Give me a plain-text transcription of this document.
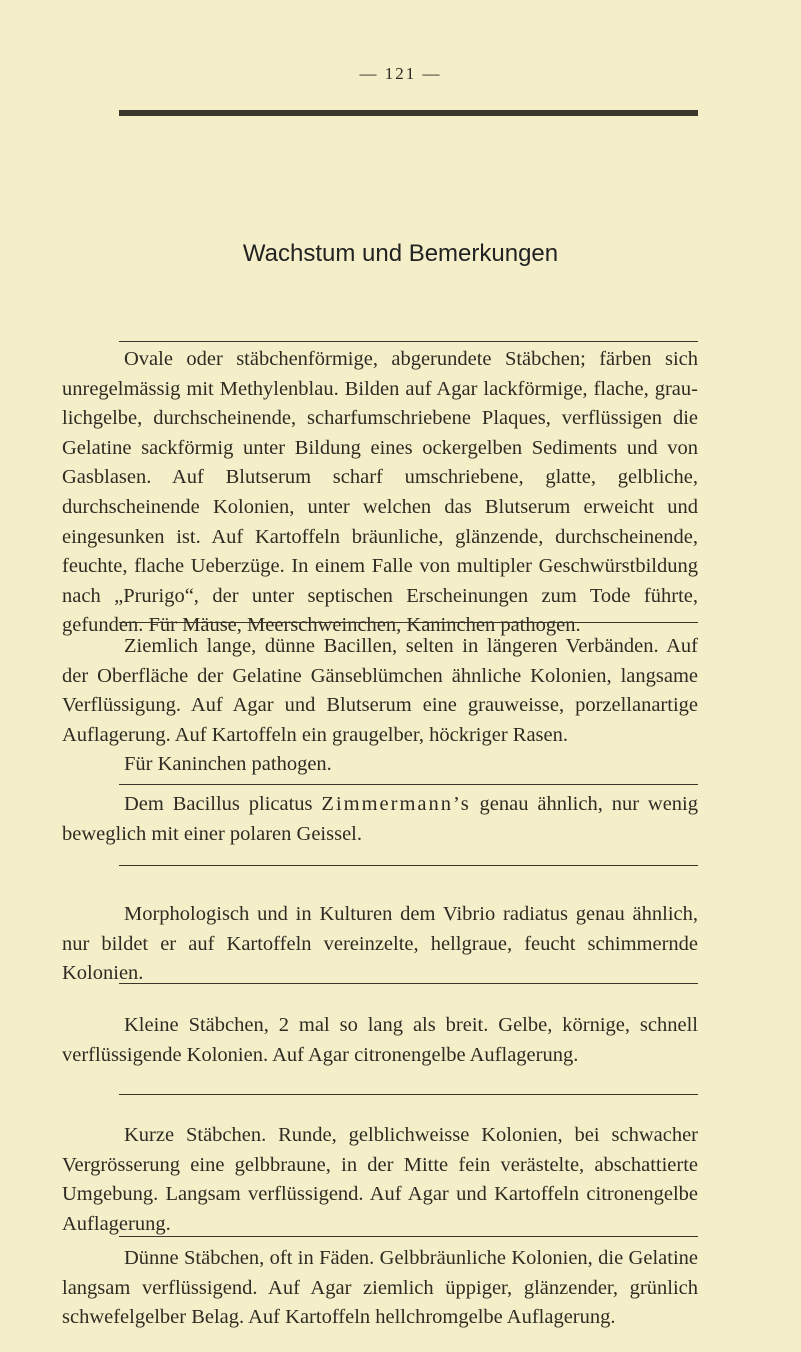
— 121 —
Wachstum und Bemerkungen
Ovale oder stäbchenförmige, abgerundete Stäbchen; färben sich unregelmässig mit Methylenblau. Bilden auf Agar lackförmige, flache, grau-lichgelbe, durchscheinende, scharfumschriebene Plaques, verflüssigen die Gelatine sackförmig unter Bildung eines ockergelben Sediments und von Gasblasen. Auf Blutserum scharf umschriebene, glatte, gelbliche, durchscheinende Kolonien, unter welchen das Blutserum erweicht und eingesunken ist. Auf Kartoffeln bräunliche, glänzende, durchscheinende, feuchte, flache Ueberzüge. In einem Falle von multipler Geschwürstbildung nach „Prurigo“, der unter septischen Erscheinungen zum Tode führte, gefunden. Für Mäuse, Meerschweinchen, Kaninchen pathogen.
Ziemlich lange, dünne Bacillen, selten in längeren Verbänden. Auf der Oberfläche der Gelatine Gänseblümchen ähnliche Kolonien, langsame Verflüssigung. Auf Agar und Blutserum eine grauweisse, porzellanartige Auflagerung. Auf Kartoffeln ein graugelber, höckriger Rasen.
Für Kaninchen pathogen.
Dem Bacillus plicatus Zimmermann’s genau ähnlich, nur wenig beweglich mit einer polaren Geissel.
Morphologisch und in Kulturen dem Vibrio radiatus genau ähnlich, nur bildet er auf Kartoffeln vereinzelte, hellgraue, feucht schimmernde Kolonien.
Kleine Stäbchen, 2 mal so lang als breit. Gelbe, körnige, schnell verflüssigende Kolonien. Auf Agar citronengelbe Auflagerung.
Kurze Stäbchen. Runde, gelblichweisse Kolonien, bei schwacher Vergrösserung eine gelbbraune, in der Mitte fein verästelte, abschattierte Umgebung. Langsam verflüssigend. Auf Agar und Kartoffeln citronengelbe Auflagerung.
Dünne Stäbchen, oft in Fäden. Gelbbräunliche Kolonien, die Gelatine langsam verflüssigend. Auf Agar ziemlich üppiger, glänzender, grünlich schwefelgelber Belag. Auf Kartoffeln hellchromgelbe Auflagerung.
